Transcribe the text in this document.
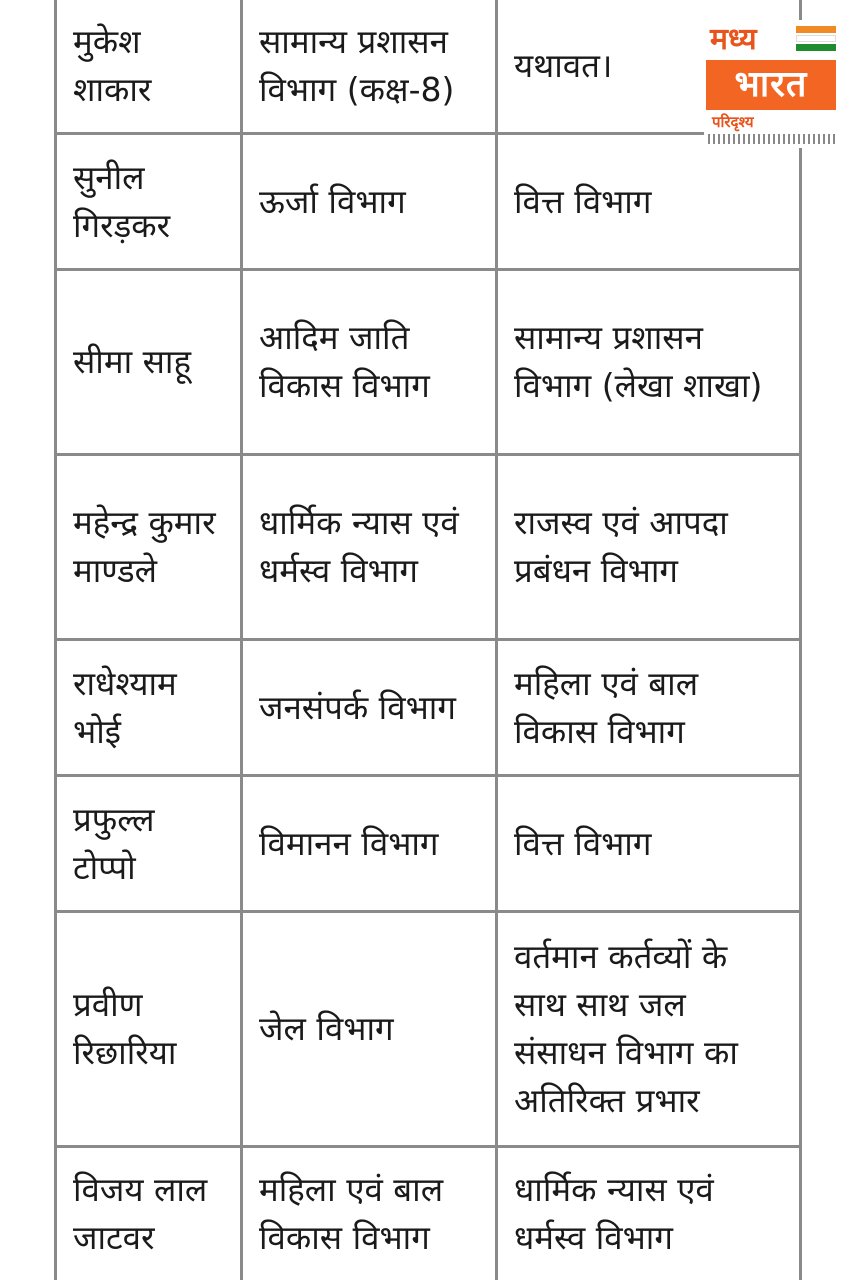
मुकेश शाकार
सामान्य प्रशासन विभाग (कक्ष-8)
यथावत।
सुनील गिरड़कर
ऊर्जा विभाग	वित्त विभाग
सीमा साहू
आदिम जाति विकास विभाग
सामान्य प्रशासन विभाग (लेखा शाखा)
महेन्द्र कुमार माण्डले
धार्मिक न्यास एवं धर्मस्व विभाग
राजस्व एवं आपदा प्रबंधन विभाग
राधेश्याम भोई
जनसंपर्क विभाग
महिला एवं बाल विकास विभाग
प्रफुल्ल टोप्पो
विमानन विभाग वित्त विभाग
प्रवीण रिछारिया
जेल विभाग
वर्तमान कर्तव्यों के साथ साथ जल संसाधन विभाग का अतिरिक्त प्रभार
विजय लाल जाटवर
महिला एवं बाल विकास विभाग
धार्मिक न्यास एवं धर्मस्व विभाग
मध्य
भारत
परिदृश्य
